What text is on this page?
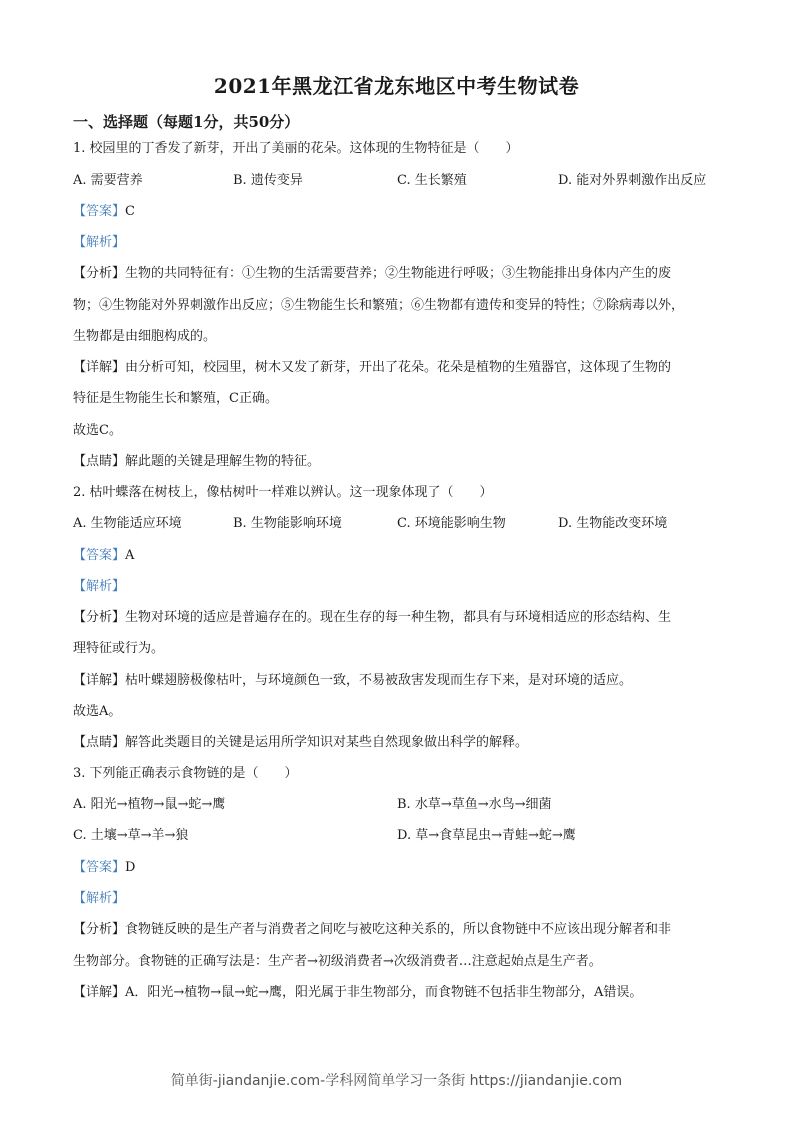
2021年黑龙江省龙东地区中考生物试卷
一、选择题（每题1分，共50分）
1. 校园里的丁香发了新芽，开出了美丽的花朵。这体现的生物特征是（　　）
A. 需要营养	B. 遗传变异	C. 生长繁殖	D. 能对外界刺激作出反应
【答案】C
【解析】
【分析】生物的共同特征有：①生物的生活需要营养；②生物能进行呼吸；③生物能排出身体内产生的废
物；④生物能对外界刺激作出反应；⑤生物能生长和繁殖；⑥生物都有遗传和变异的特性；⑦除病毒以外，
生物都是由细胞构成的。
【详解】由分析可知，校园里，树木又发了新芽，开出了花朵。花朵是植物的生殖器官，这体现了生物的
特征是生物能生长和繁殖，C正确。
故选C。
【点睛】解此题的关键是理解生物的特征。
2. 枯叶蝶落在树枝上，像枯树叶一样难以辨认。这一现象体现了（　　）
A. 生物能适应环境	B. 生物能影响环境	C. 环境能影响生物	D. 生物能改变环境
【答案】A
【解析】
【分析】生物对环境的适应是普遍存在的。现在生存的每一种生物，都具有与环境相适应的形态结构、生
理特征或行为。
【详解】枯叶蝶翅膀极像枯叶，与环境颜色一致，不易被敌害发现而生存下来，是对环境的适应。
故选A。
【点睛】解答此类题目的关键是运用所学知识对某些自然现象做出科学的解释。
3. 下列能正确表示食物链的是（　　）
A. 阳光→植物→鼠→蛇→鹰	B. 水草→草鱼→水鸟→细菌
C. 土壤→草→羊→狼	D. 草→食草昆虫→青蛙→蛇→鹰
【答案】D
【解析】
【分析】食物链反映的是生产者与消费者之间吃与被吃这种关系的，所以食物链中不应该出现分解者和非
生物部分。食物链的正确写法是：生产者→初级消费者→次级消费者…注意起始点是生产者。
【详解】A．阳光→植物→鼠→蛇→鹰，阳光属于非生物部分，而食物链不包括非生物部分，A错误。
简单街-jiandanjie.com-学科网简单学习一条街 https://jiandanjie.com
